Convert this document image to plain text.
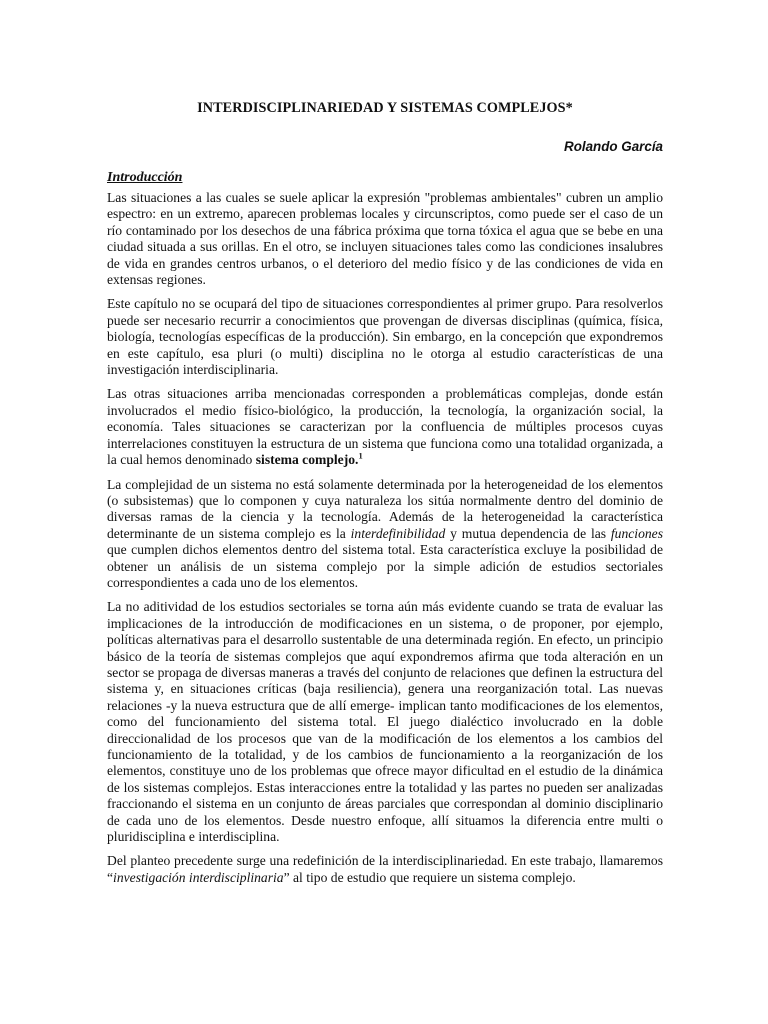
INTERDISCIPLINARIEDAD Y SISTEMAS COMPLEJOS*
Rolando García
Introducción

Las situaciones a las cuales se suele aplicar la expresión "problemas ambientales" cubren un amplio espectro: en un extremo, aparecen problemas locales y circunscriptos, como puede ser el caso de un río contaminado por los desechos de una fábrica próxima que torna tóxica el agua que se bebe en una ciudad situada a sus orillas. En el otro, se incluyen situaciones tales como las condiciones insalubres de vida en grandes centros urbanos, o el deterioro del medio físico y de las condiciones de vida en extensas regiones.

Este capítulo no se ocupará del tipo de situaciones correspondientes al primer grupo. Para resolverlos puede ser necesario recurrir a conocimientos que provengan de diversas disciplinas (química, física, biología, tecnologías específicas de la producción). Sin embargo, en la concepción que expondremos en este capítulo, esa pluri (o multi) disciplina no le otorga al estudio características de una investigación interdisciplinaria.

Las otras situaciones arriba mencionadas corresponden a problemáticas complejas, donde están involucrados el medio físico-biológico, la producción, la tecnología, la organización social, la economía. Tales situaciones se caracterizan por la confluencia de múltiples procesos cuyas interrelaciones constituyen la estructura de un sistema que funciona como una totalidad organizada, a la cual hemos denominado sistema complejo.$^1$

La complejidad de un sistema no está solamente determinada por la heterogeneidad de los elementos (o subsistemas) que lo componen y cuya naturaleza los sitúa normalmente dentro del dominio de diversas ramas de la ciencia y la tecnología. Además de la heterogeneidad la característica determinante de un sistema complejo es la interdefinibilidad y mutua dependencia de las funciones que cumplen dichos elementos dentro del sistema total. Esta característica excluye la posibilidad de obtener un análisis de un sistema complejo por la simple adición de estudios sectoriales correspondientes a cada uno de los elementos.

La no aditividad de los estudios sectoriales se torna aún más evidente cuando se trata de evaluar las implicaciones de la introducción de modificaciones en un sistema, o de proponer, por ejemplo, políticas alternativas para el desarrollo sustentable de una determinada región. En efecto, un principio básico de la teoría de sistemas complejos que aquí expondremos afirma que toda alteración en un sector se propaga de diversas maneras a través del conjunto de relaciones que definen la estructura del sistema y, en situaciones críticas (baja resiliencia), genera una reorganización total. Las nuevas relaciones -y la nueva estructura que de allí emerge- implican tanto modificaciones de los elementos, como del funcionamiento del sistema total. El juego dialéctico involucrado en la doble direccionalidad de los procesos que van de la modificación de los elementos a los cambios del funcionamiento de la totalidad, y de los cambios de funcionamiento a la reorganización de los elementos, constituye uno de los problemas que ofrece mayor dificultad en el estudio de la dinámica de los sistemas complejos. Estas interacciones entre la totalidad y las partes no pueden ser analizadas fraccionando el sistema en un conjunto de áreas parciales que correspondan al dominio disciplinario de cada uno de los elementos. Desde nuestro enfoque, allí situamos la diferencia entre multi o pluridisciplina e interdisciplina.

Del planteo precedente surge una redefinición de la interdisciplinariedad. En este trabajo, llamaremos “investigación interdisciplinaria” al tipo de estudio que requiere un sistema complejo.
